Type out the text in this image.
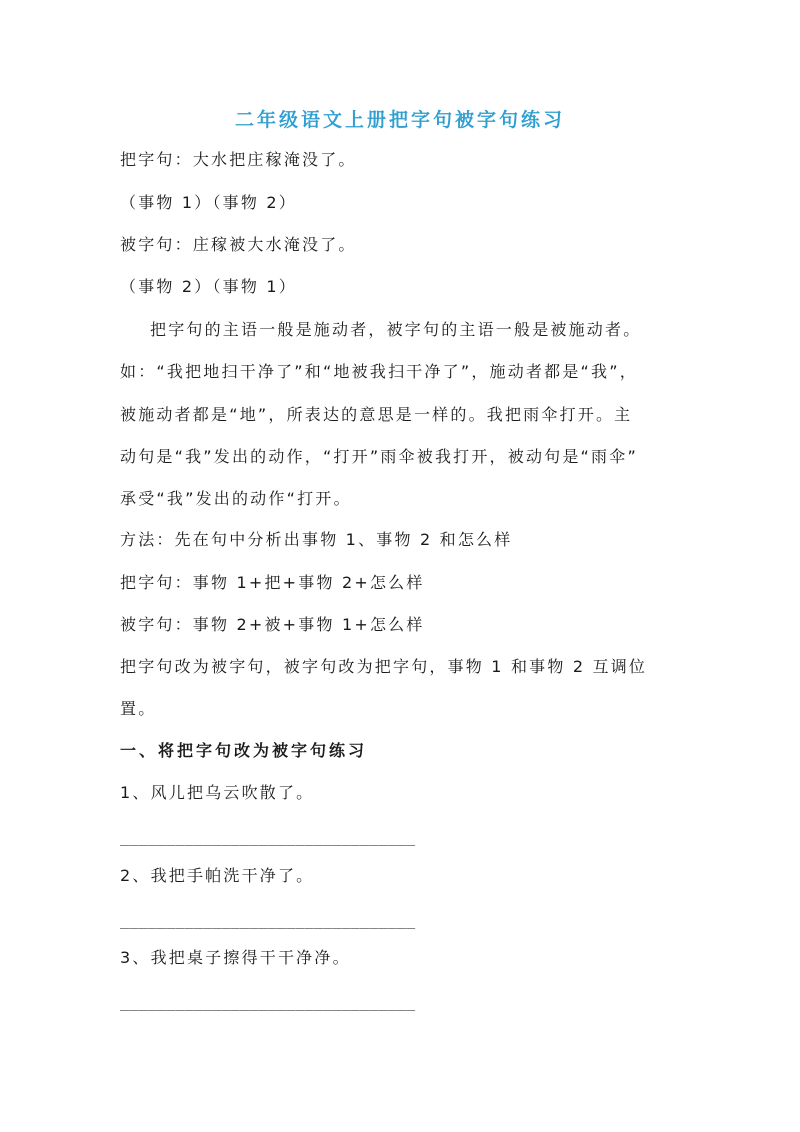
二年级语文上册把字句被字句练习
把字句：大水把庄稼淹没了。
（事物 1）（事物 2）
被字句：庄稼被大水淹没了。
（事物 2）（事物 1）
把字句的主语一般是施动者，被字句的主语一般是被施动者。
如：“我把地扫干净了”和“地被我扫干净了”，施动者都是“我”，
被施动者都是“地”，所表达的意思是一样的。我把雨伞打开。主
动句是“我”发出的动作，“打开”雨伞被我打开，被动句是“雨伞”
承受“我”发出的动作“打开。
方法：先在句中分析出事物 1、事物 2 和怎么样
把字句：事物 1+把+事物 2+怎么样
被字句：事物 2+被+事物 1+怎么样
把字句改为被字句，被字句改为把字句，事物 1 和事物 2 互调位
置。
一、将把字句改为被字句练习
1、风儿把乌云吹散了。
________________________________
2、我把手帕洗干净了。
________________________________
3、我把桌子擦得干干净净。
________________________________
